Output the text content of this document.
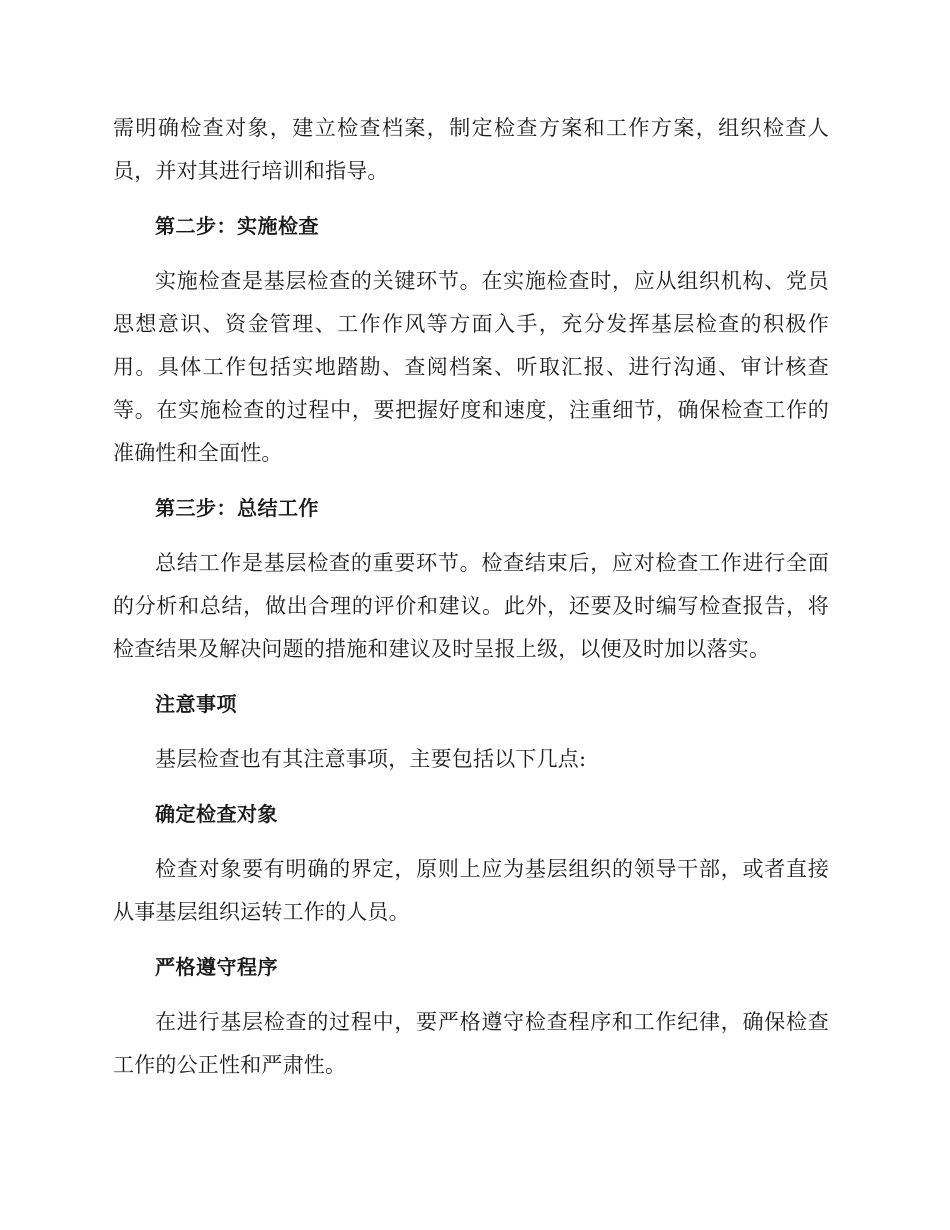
需明确检查对象，建立检查档案，制定检查方案和工作方案，组织检查人员，并对其进行培训和指导。

第二步：实施检查

实施检查是基层检查的关键环节。在实施检查时，应从组织机构、党员思想意识、资金管理、工作作风等方面入手，充分发挥基层检查的积极作用。具体工作包括实地踏勘、查阅档案、听取汇报、进行沟通、审计核查等。在实施检查的过程中，要把握好度和速度，注重细节，确保检查工作的准确性和全面性。

第三步：总结工作

总结工作是基层检查的重要环节。检查结束后，应对检查工作进行全面的分析和总结，做出合理的评价和建议。此外，还要及时编写检查报告，将检查结果及解决问题的措施和建议及时呈报上级，以便及时加以落实。

注意事项

基层检查也有其注意事项，主要包括以下几点:

确定检查对象

检查对象要有明确的界定，原则上应为基层组织的领导干部，或者直接从事基层组织运转工作的人员。

严格遵守程序

在进行基层检查的过程中，要严格遵守检查程序和工作纪律，确保检查工作的公正性和严肃性。
